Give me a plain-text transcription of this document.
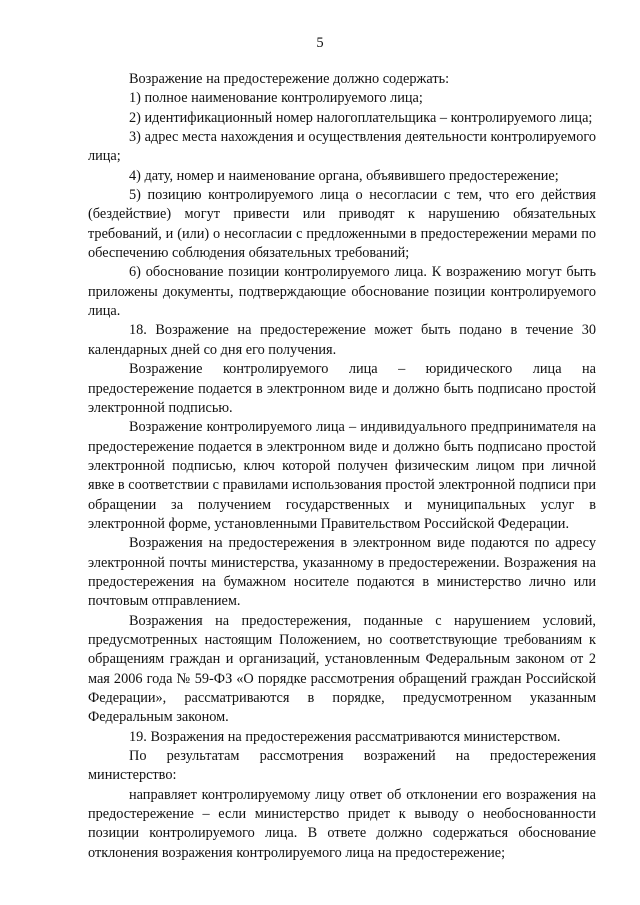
5

Возражение на предостережение должно содержать:

1) полное наименование контролируемого лица;

2) идентификационный номер налогоплательщика – контролируемого лица;

3) адрес места нахождения и осуществления деятельности контролируемого лица;

4) дату, номер и наименование органа, объявившего предостережение;

5) позицию контролируемого лица о несогласии с тем, что его действия (бездействие) могут привести или приводят к нарушению обязательных требований, и (или) о несогласии с предложенными в предостережении мерами по обеспечению соблюдения обязательных требований;

6) обоснование позиции контролируемого лица. К возражению могут быть приложены документы, подтверждающие обоснование позиции контролируемого лица.

18. Возражение на предостережение может быть подано в течение 30 календарных дней со дня его получения.

Возражение контролируемого лица – юридического лица на предостережение подается в электронном виде и должно быть подписано простой электронной подписью.

Возражение контролируемого лица – индивидуального предпринимателя на предостережение подается в электронном виде и должно быть подписано простой электронной подписью, ключ которой получен физическим лицом при личной явке в соответствии с правилами использования простой электронной подписи при обращении за получением государственных и муниципальных услуг в электронной форме, установленными Правительством Российской Федерации.

Возражения на предостережения в электронном виде подаются по адресу электронной почты министерства, указанному в предостережении. Возражения на предостережения на бумажном носителе подаются в министерство лично или почтовым отправлением.

Возражения на предостережения, поданные с нарушением условий, предусмотренных настоящим Положением, но соответствующие требованиям к обращениям граждан и организаций, установленным Федеральным законом от 2 мая 2006 года № 59-ФЗ «О порядке рассмотрения обращений граждан Российской Федерации», рассматриваются в порядке, предусмотренном указанным Федеральным законом.

19. Возражения на предостережения рассматриваются министерством.

По результатам рассмотрения возражений на предостережения министерство:

направляет контролируемому лицу ответ об отклонении его возражения на предостережение – если министерство придет к выводу о необоснованности позиции контролируемого лица. В ответе должно содержаться обоснование отклонения возражения контролируемого лица на предостережение;
